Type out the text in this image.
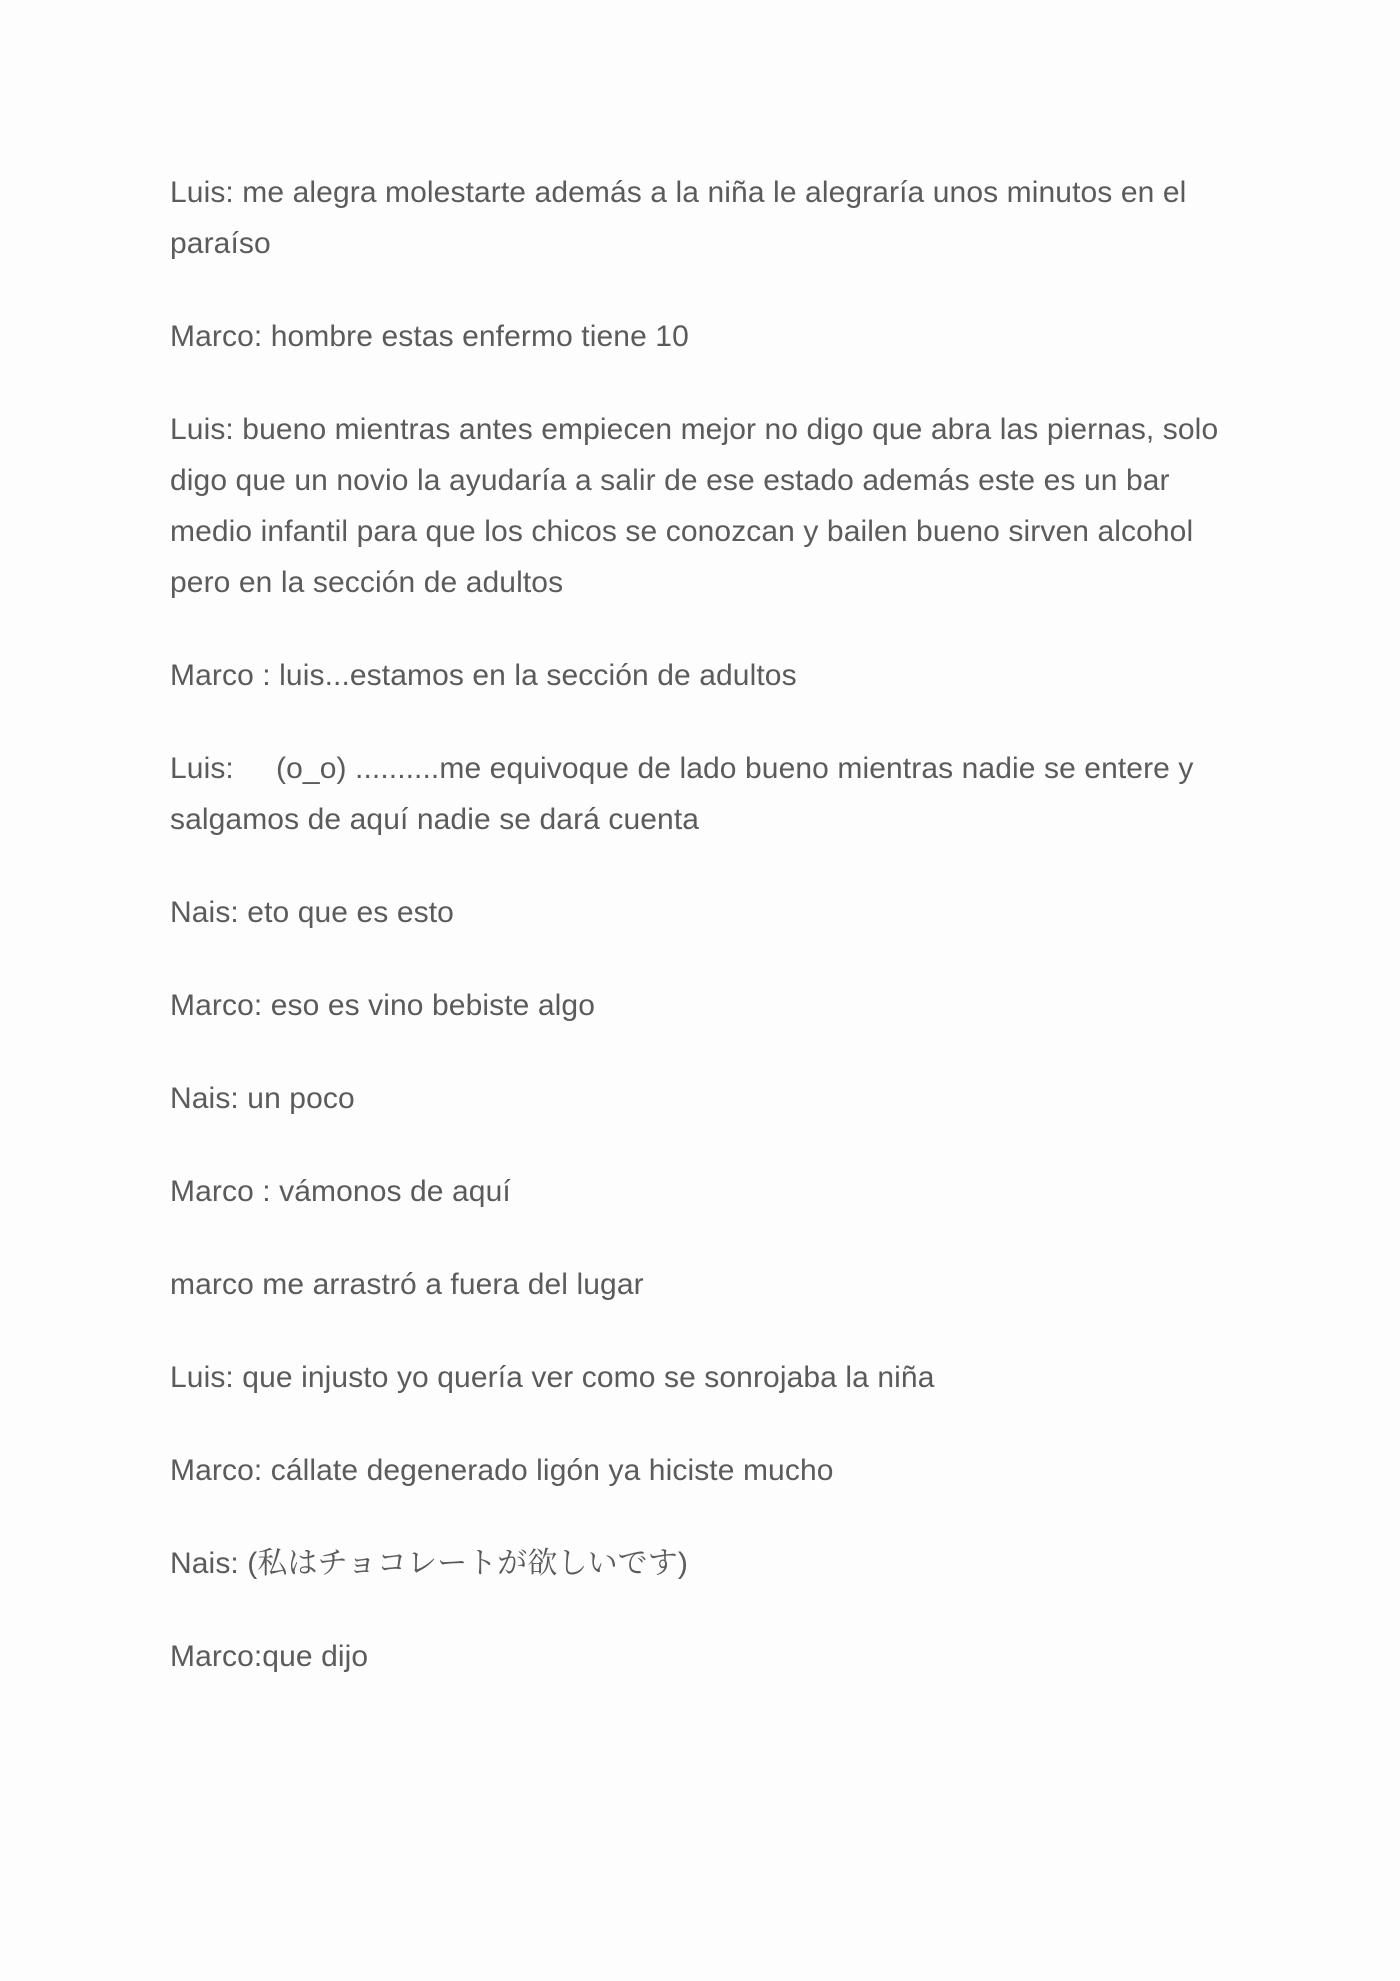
Luis: me alegra molestarte además a la niña le alegraría unos minutos en el paraíso

Marco: hombre estas enfermo tiene 10

Luis: bueno mientras antes empiecen mejor no digo que abra las piernas, solo digo que un novio la ayudaría a salir de ese estado además este es un bar medio infantil para que los chicos se conozcan y bailen bueno sirven alcohol pero en la sección de adultos

Marco : luis...estamos en la sección de adultos

Luis:     (o_o) ..........me equivoque de lado bueno mientras nadie se entere y salgamos de aquí nadie se dará cuenta

Nais: eto que es esto

Marco: eso es vino bebiste algo

Nais: un poco

Marco : vámonos de aquí

marco me arrastró a fuera del lugar

Luis: que injusto yo quería ver como se sonrojaba la niña

Marco: cállate degenerado ligón ya hiciste mucho

Nais: (私はチョコレートが欲しいです)

Marco:que dijo
